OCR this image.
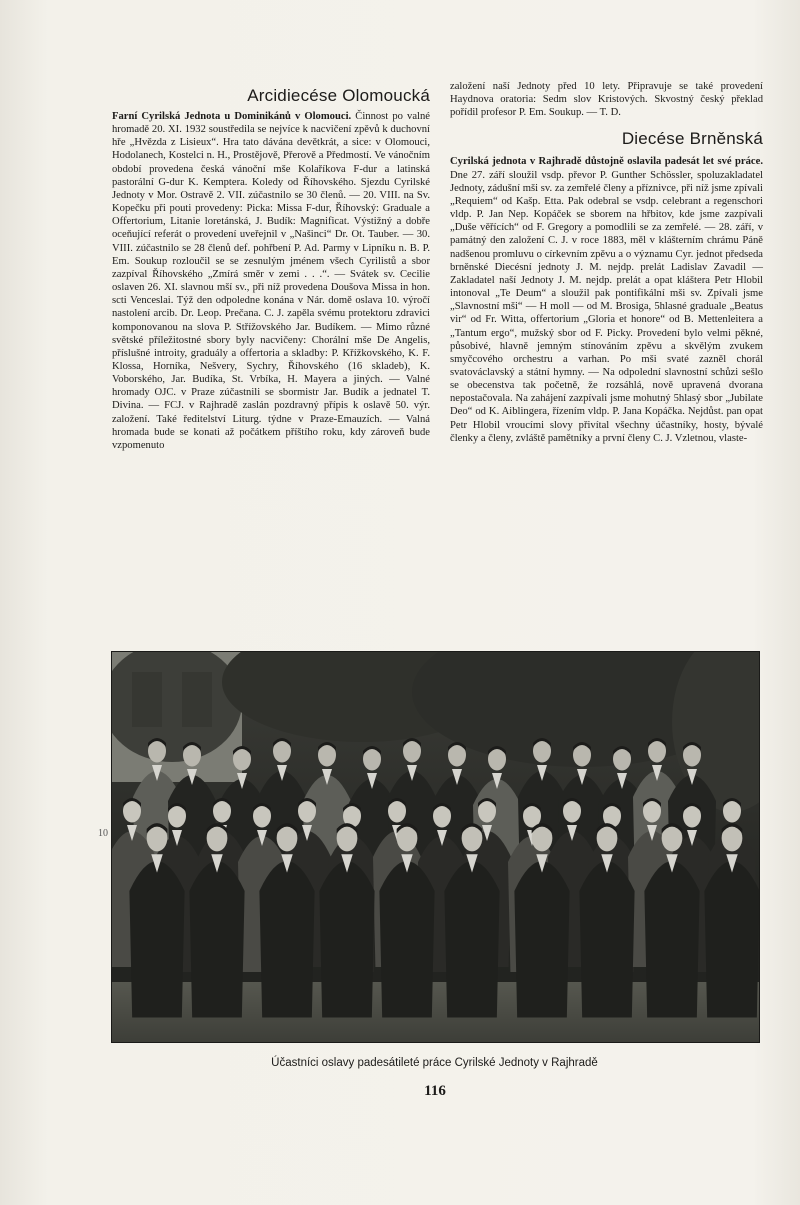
Arcidiecése Olomoucká

Farní Cyrilská Jednota u Dominikánů v Olomouci. Činnost po valné hromadě 20. XI. 1932 soustředila se nejvíce k nacvičení zpěvů k duchovní hře „Hvězda z Lisieux“. Hra tato dávána devětkrát, a sice: v Olomouci, Hodolanech, Kostelci n. H., Prostějově, Přerově a Předmostí. Ve vánočním období provedena česká vánoční mše Kolaříkova F-dur a latinská pastorální G-dur K. Kemptera. Koledy od Říhovského. Sjezdu Cyrilské Jednoty v Mor. Ostravě 2. VII. zúčastnilo se 30 členů. — 20. VIII. na Sv. Kopečku při pouti provedeny: Picka: Missa F-dur, Říhovský: Graduale a Offertorium, Litanie loretánská, J. Budík: Magnificat. Výstižný a dobře oceňující referát o provedení uveřejnil v „Našinci“ Dr. Ot. Tauber. — 30. VIII. zúčastnilo se 28 členů def. pohřbení P. Ad. Parmy v Lipníku n. B. P. Em. Soukup rozloučil se se zesnulým jménem všech Cyrilistů a sbor zazpíval Říhovského „Zmírá směr v zemi . . .“. — Svátek sv. Cecilie oslaven 26. XI. slavnou mší sv., při níž provedena Doušova Missa in hon. scti Venceslai. Týž den odpoledne konána v Nár. domě oslava 10. výročí nastolení arcib. Dr. Leop. Prečana. C. J. zapěla svému protektoru zdravici komponovanou na slova P. Střížovského Jar. Budíkem. — Mimo různé světské příležitostné sbory byly nacvičeny: Chorální mše De Angelis, příslušné introity, graduály a offertoria a skladby: P. Křížkovského, K. F. Klossa, Horníka, Nešvery, Sychry, Říhovského (16 skladeb), K. Voborského, Jar. Budíka, St. Vrbíka, H. Mayera a jiných. — Valné hromady OJC. v Praze zúčastnili se sbormistr Jar. Budík a jednatel T. Divina. — FCJ. v Rajhradě zaslán pozdravný přípis k oslavě 50. výr. založení. Také ředitelství Liturg. týdne v Praze-Emauzích. — Valná hromada bude se konati až počátkem příštího roku, kdy zároveň bude vzpomenuto

založení naší Jednoty před 10 lety. Připravuje se také provedení Haydnova oratoria: Sedm slov Kristových. Skvostný český překlad pořídil profesor P. Em. Soukup. — T. D.

Diecése Brněnská

Cyrilská jednota v Rajhradě důstojně oslavila padesát let své práce. Dne 27. září sloužil vsdp. převor P. Gunther Schössler, spoluzakladatel Jednoty, zádušní mši sv. za zemřelé členy a příznivce, při níž jsme zpívali „Requiem“ od Kašp. Etta. Pak odebral se vsdp. celebrant a regenschori vldp. P. Jan Nep. Kopáček se sborem na hřbitov, kde jsme zazpívali „Duše věřících“ od F. Gregory a pomodlili se za zemřelé. — 28. září, v památný den založení C. J. v roce 1883, měl v klášterním chrámu Páně nadšenou promluvu o církevním zpěvu a o významu Cyr. jednot předseda brněnské Diecésní jednoty J. M. nejdp. prelát Ladislav Zavadil — Zakladatel naší Jednoty J. M. nejdp. prelát a opat klášterа Petr Hlobil intonoval „Te Deum“ a sloužil pak pontifikální mši sv. Zpívali jsme „Slavnostní mši“ — H moll — od M. Brosiga, 5hlasné graduale „Beatus vir“ od Fr. Witta, offertorium „Gloria et honore“ od B. Mettenleitera a „Tantum ergo“, mužský sbor od F. Picky. Provedení bylo velmi pěkné, působivé, hlavně jemným stínováním zpěvu a skvělým zvukem smyčcového orchestru a varhan. Po mši svaté zazněl chorál svatováclavský a státní hymny. — Na odpolední slavnostní schůzi sešlo se obecenstva tak početně, že rozsáhlá, nově upravená dvorana nepostačovala. Na zahájení zazpívali jsme mohutný 5hlasý sbor „Jubilate Deo“ od K. Aiblingera, řízením vldp. P. Jana Kopáčka. Nejdůst. pan opat Petr Hlobil vroucími slovy přivítal všechny účastníky, hosty, bývalé členky a členy, zvláště pamětníky a první členy C. J. Vzletnou, vlaste-

10
Účastníci oslavy padesátileté práce Cyrilské Jednoty v Rajhradě
116
